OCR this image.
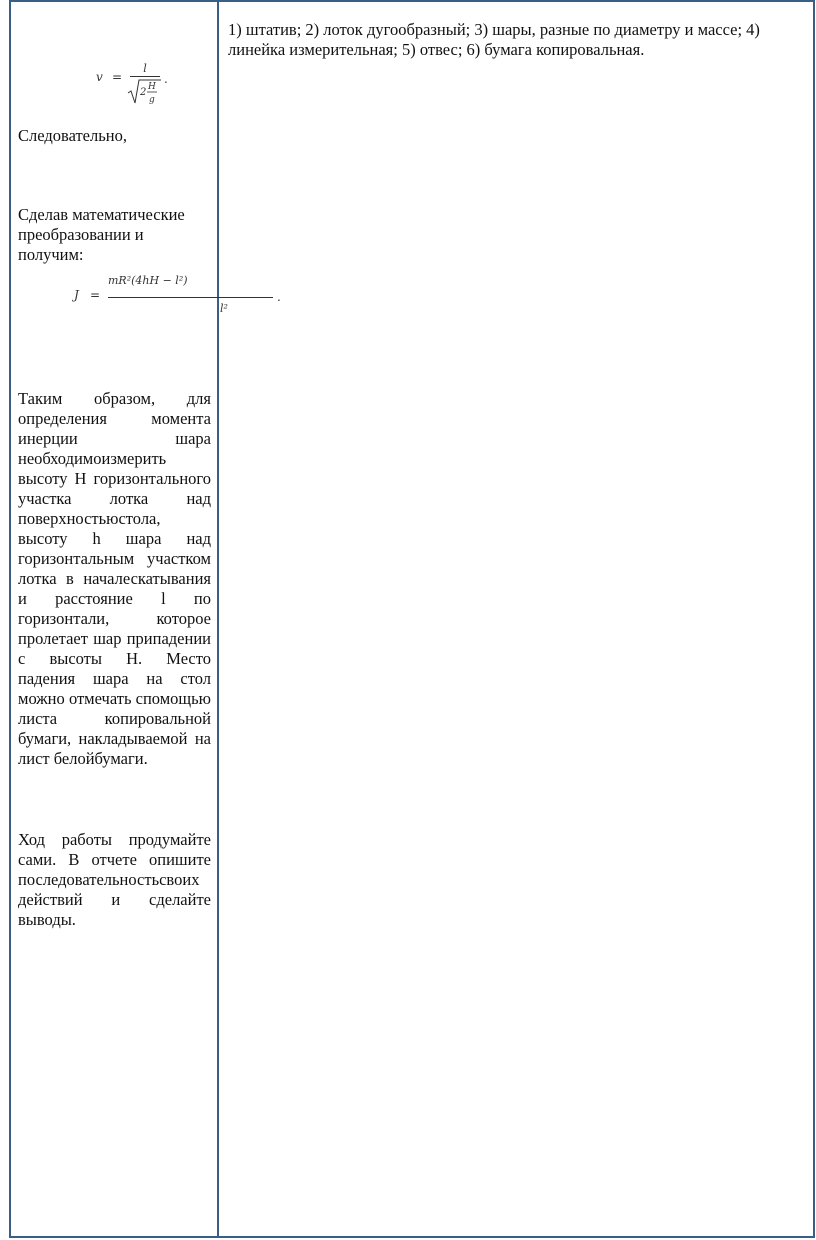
v =
l
2 H
g
.
Следовательно,
Сделав математические преобразовании и получим:
J =
mR²(4hH − l²)
l²
.
Таким образом, для определения момента инерции шара необходимоизмерить высоту H горизонтального участка лотка над поверхностьюстола, высоту h шара над горизонтальным участком лотка в началескатывания и расстояние l по горизонтали, которое пролетает шар припадении с высоты H. Место падения шара на стол можно отмечать спомощью листа копировальной бумаги, накладываемой на лист белойбумаги.
Ход работы продумайте сами. В отчете опишите последовательностьсвоих действий и сделайте выводы.
1) штатив; 2) лоток дугообразный; 3) шары, разные по диаметру и массе; 4) линейка измерительная; 5) отвес; 6) бумага копировальная.
